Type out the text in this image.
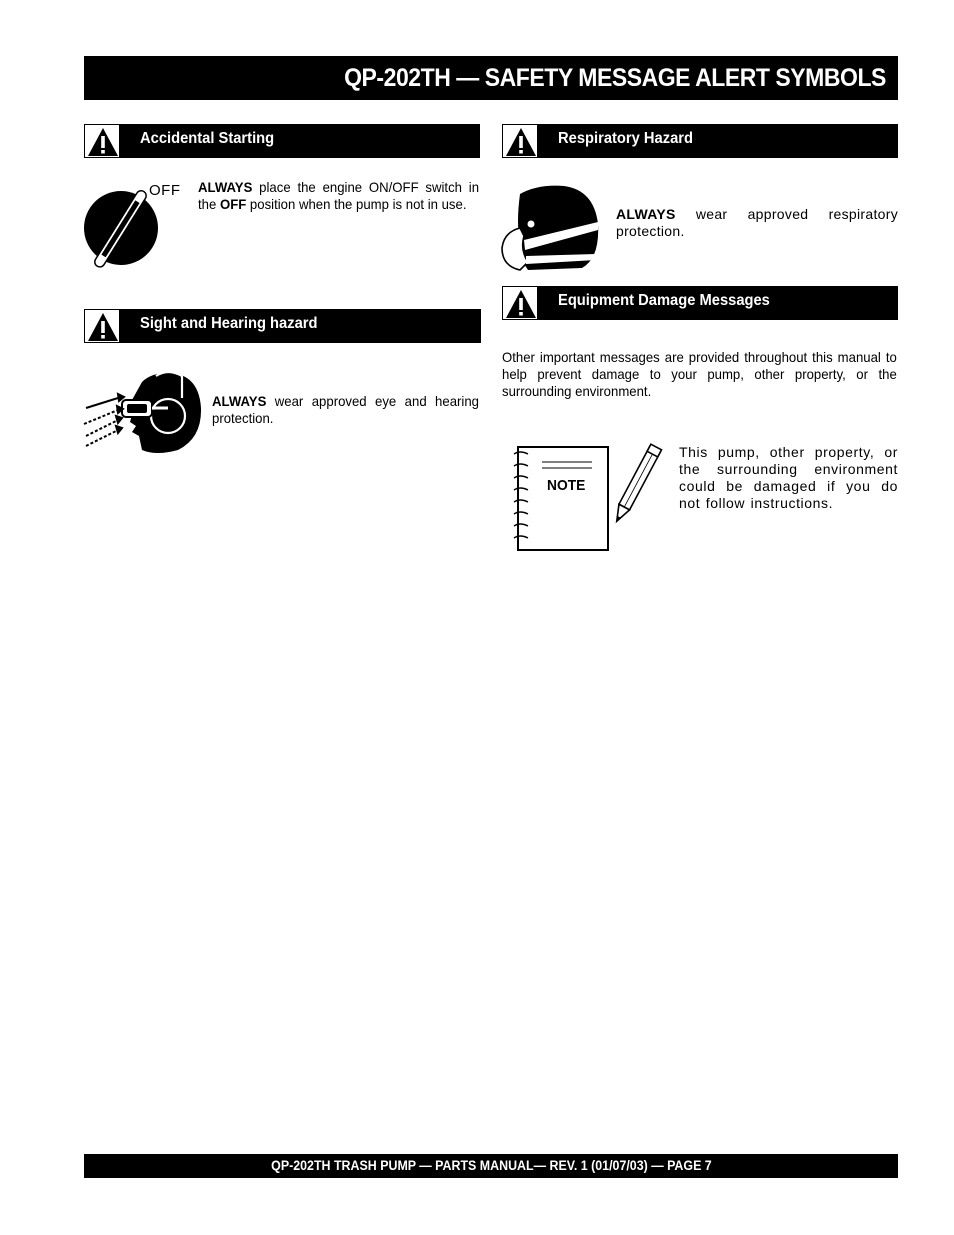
QP-202TH — SAFETY MESSAGE ALERT SYMBOLS
Accidental Starting
OFF ALWAYS place the engine ON/OFF switch in the OFF position when the pump is not in use.
Sight and Hearing hazard
ALWAYS wear approved eye and hearing protection.
Respiratory Hazard
ALWAYS wear approved respiratory protection.
Equipment Damage Messages
Other important messages are provided throughout this manual to help prevent damage to your pump, other property, or the surrounding environment.
NOTE
This pump, other property, or the surrounding environment could be damaged if you do not follow instructions.
QP-202TH TRASH PUMP — PARTS MANUAL— REV. 1 (01/07/03) — PAGE 7
